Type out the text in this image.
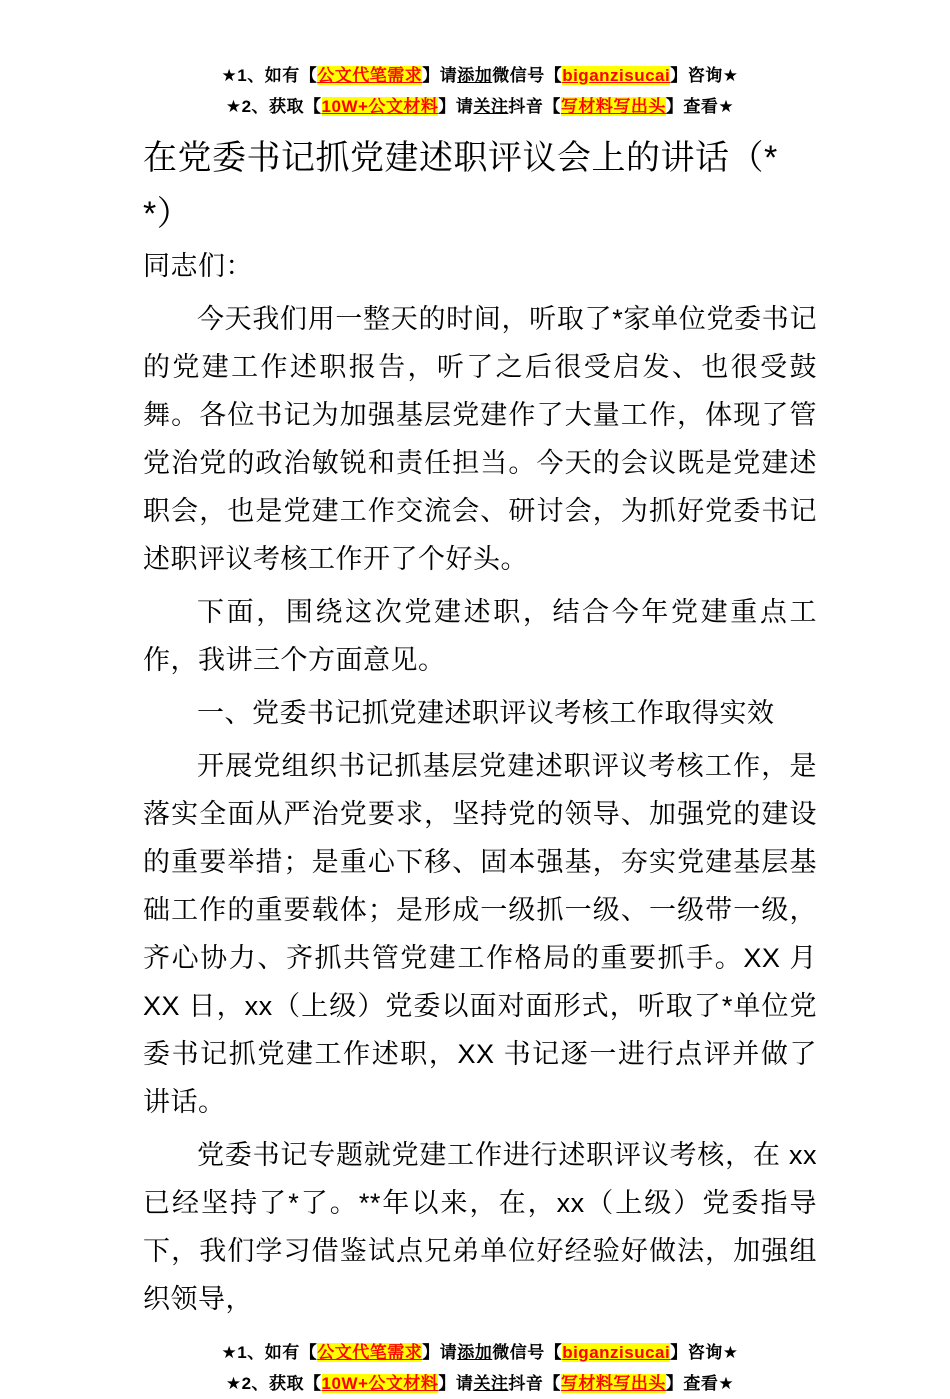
★1、如有【公文代笔需求】请添加微信号【biganzisucai】咨询★
★2、获取【10W+公文材料】请关注抖音【写材料写出头】查看★
在党委书记抓党建述职评议会上的讲话（**）

同志们：

今天我们用一整天的时间，听取了*家单位党委书记的党建工作述职报告，听了之后很受启发、也很受鼓舞。各位书记为加强基层党建作了大量工作，体现了管党治党的政治敏锐和责任担当。今天的会议既是党建述职会，也是党建工作交流会、研讨会，为抓好党委书记述职评议考核工作开了个好头。

下面，围绕这次党建述职，结合今年党建重点工作，我讲三个方面意见。

一、党委书记抓党建述职评议考核工作取得实效

开展党组织书记抓基层党建述职评议考核工作，是落实全面从严治党要求，坚持党的领导、加强党的建设的重要举措；是重心下移、固本强基，夯实党建基层基础工作的重要载体；是形成一级抓一级、一级带一级，齐心协力、齐抓共管党建工作格局的重要抓手。XX 月 XX 日，xx（上级）党委以面对面形式，听取了*单位党委书记抓党建工作述职，XX 书记逐一进行点评并做了讲话。

党委书记专题就党建工作进行述职评议考核，在 xx 已经坚持了*了。**年以来，在，xx（上级）党委指导下，我们学习借鉴试点兄弟单位好经验好做法，加强组织领导，

★1、如有【公文代笔需求】请添加微信号【biganzisucai】咨询★
★2、获取【10W+公文材料】请关注抖音【写材料写出头】查看★
